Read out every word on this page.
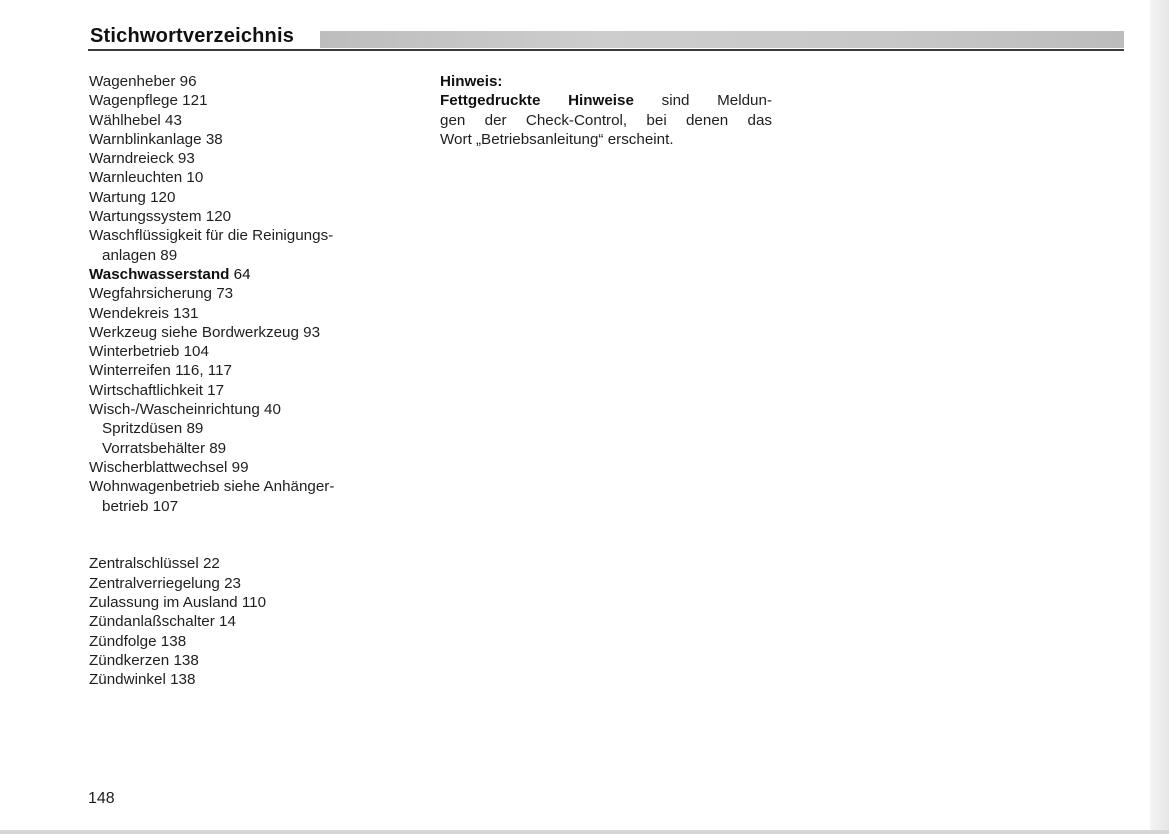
Stichwortverzeichnis
Wagenheber 96
Wagenpflege 121
Wählhebel 43
Warnblinkanlage 38
Warndreieck 93
Warnleuchten 10
Wartung 120
Wartungssystem 120
Waschflüssigkeit für die Reinigungs-
anlagen 89
Waschwasserstand 64
Wegfahrsicherung 73
Wendekreis 131
Werkzeug siehe Bordwerkzeug 93
Winterbetrieb 104
Winterreifen 116, 117
Wirtschaftlichkeit 17
Wisch-/Wascheinrichtung 40
Spritzdüsen 89
Vorratsbehälter 89
Wischerblattwechsel 99
Wohnwagenbetrieb siehe Anhänger-
betrieb 107
Zentralschlüssel 22
Zentralverriegelung 23
Zulassung im Ausland 110
Zündanlaßschalter 14
Zündfolge 138
Zündkerzen 138
Zündwinkel 138
Hinweis:
Fettgedruckte Hinweise sind Meldun-
gen der Check-Control, bei denen das
Wort „Betriebsanleitung“ erscheint.
148
